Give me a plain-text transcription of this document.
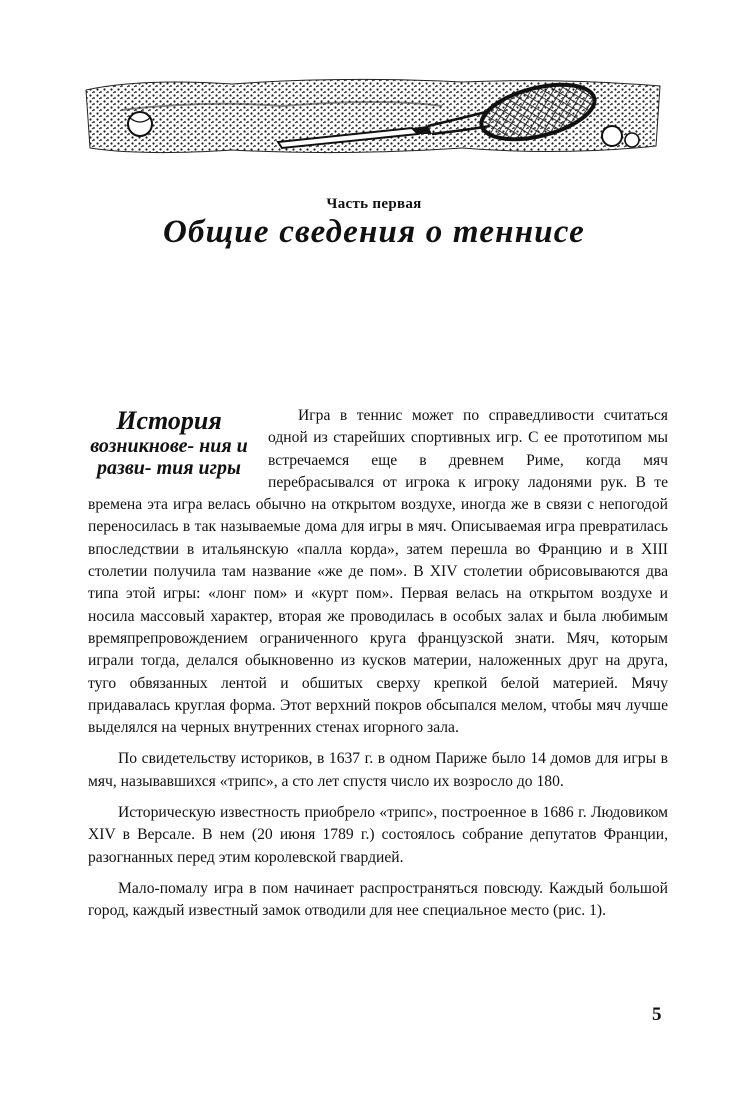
Часть первая
Общие сведения о теннисе
История
возникнове- ния и разви- тия игры

Игра в теннис может по справедливости считаться одной из старейших спортивных игр. С ее прототипом мы встречаемся еще в древнем Риме, когда мяч перебрасывался от игрока к игроку ладонями рук. В те времена эта игра велась обычно на открытом воздухе, иногда же в связи с непогодой переносилась в так называемые дома для игры в мяч. Описываемая игра превратилась впоследствии в итальянскую «палла корда», затем перешла во Францию и в XIII столетии получила там название «же де пом». В XIV столетии обрисовываются два типа этой игры: «лонг пом» и «курт пом». Первая велась на открытом воздухе и носила массовый характер, вторая же проводилась в особых залах и была любимым времяпрепровождением ограниченного круга французской знати. Мяч, которым играли тогда, делался обыкновенно из кусков материи, наложенных друг на друга, туго обвязанных лентой и обшитых сверху крепкой белой материей. Мячу придавалась круглая форма. Этот верхний покров обсыпался мелом, чтобы мяч лучше выделялся на черных внутренних стенах игорного зала.

По свидетельству историков, в 1637 г. в одном Париже было 14 домов для игры в мяч, называвшихся «трипс», а сто лет спустя число их возросло до 180.

Историческую известность приобрело «трипс», построенное в 1686 г. Людовиком XIV в Версале. В нем (20 июня 1789 г.) состоялось собрание депутатов Франции, разогнанных перед этим королевской гвардией.

Мало-помалу игра в пом начинает распространяться повсюду. Каждый большой город, каждый известный замок отводили для нее специальное место (рис. 1).

5
